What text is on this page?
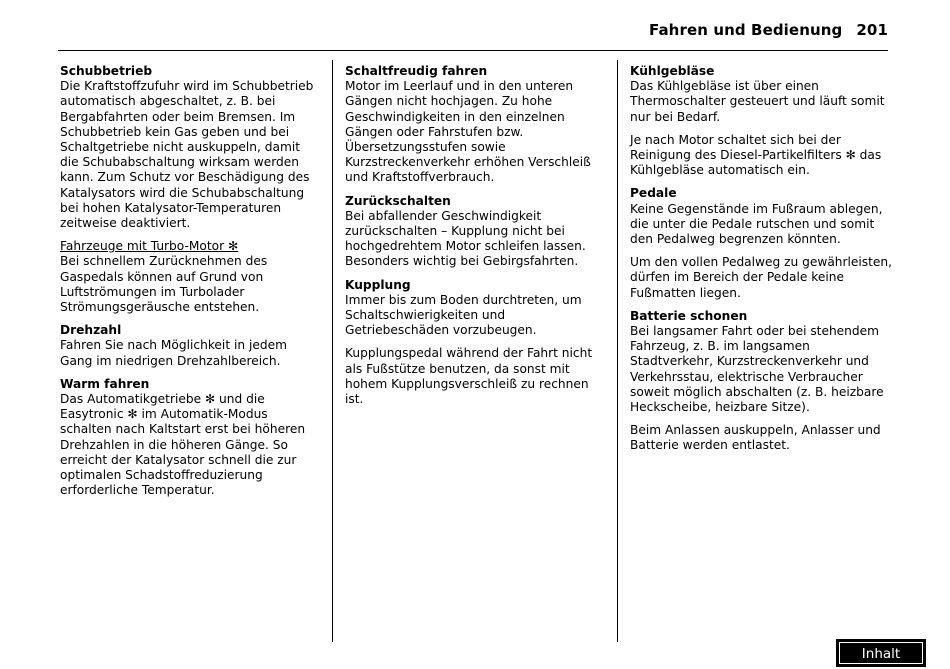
Fahren und Bedienung 201
Schubbetrieb
Die Kraftstoffzufuhr wird im Schubbetrieb automatisch abgeschaltet, z. B. bei Bergabfahrten oder beim Bremsen. Im Schubbetrieb kein Gas geben und bei Schaltgetriebe nicht auskuppeln, damit die Schubabschaltung wirksam werden kann. Zum Schutz vor Beschädigung des Katalysators wird die Schubabschaltung bei hohen Katalysator-Temperaturen zeitweise deaktiviert.
Fahrzeuge mit Turbo-Motor ✻
Bei schnellem Zurücknehmen des Gaspedals können auf Grund von Luftströmungen im Turbolader Strömungsgeräusche entstehen.
Drehzahl
Fahren Sie nach Möglichkeit in jedem Gang im niedrigen Drehzahlbereich.
Warm fahren
Das Automatikgetriebe ✻ und die Easytronic ✻ im Automatik-Modus schalten nach Kaltstart erst bei höheren Drehzahlen in die höheren Gänge. So erreicht der Katalysator schnell die zur optimalen Schadstoffreduzierung erforderliche Temperatur.
Schaltfreudig fahren
Motor im Leerlauf und in den unteren Gängen nicht hochjagen. Zu hohe Geschwindigkeiten in den einzelnen Gängen oder Fahrstufen bzw. Übersetzungsstufen sowie Kurzstreckenverkehr erhöhen Verschleiß und Kraftstoffverbrauch.
Zurückschalten
Bei abfallender Geschwindigkeit zurückschalten – Kupplung nicht bei hochgedrehtem Motor schleifen lassen. Besonders wichtig bei Gebirgsfahrten.
Kupplung
Immer bis zum Boden durchtreten, um Schaltschwierigkeiten und Getriebeschäden vorzubeugen.
Kupplungspedal während der Fahrt nicht als Fußstütze benutzen, da sonst mit hohem Kupplungsverschleiß zu rechnen ist.
Kühlgebläse
Das Kühlgebläse ist über einen Thermoschalter gesteuert und läuft somit nur bei Bedarf.
Je nach Motor schaltet sich bei der Reinigung des Diesel-Partikelfilters ✻ das Kühlgebläse automatisch ein.
Pedale
Keine Gegenstände im Fußraum ablegen, die unter die Pedale rutschen und somit den Pedalweg begrenzen könnten.
Um den vollen Pedalweg zu gewährleisten, dürfen im Bereich der Pedale keine Fußmatten liegen.
Batterie schonen
Bei langsamer Fahrt oder bei stehendem Fahrzeug, z. B. im langsamen Stadtverkehr, Kurzstreckenverkehr und Verkehrsstau, elektrische Verbraucher soweit möglich abschalten (z. B. heizbare Heckscheibe, heizbare Sitze).
Beim Anlassen auskuppeln, Anlasser und Batterie werden entlastet.
Inhalt
